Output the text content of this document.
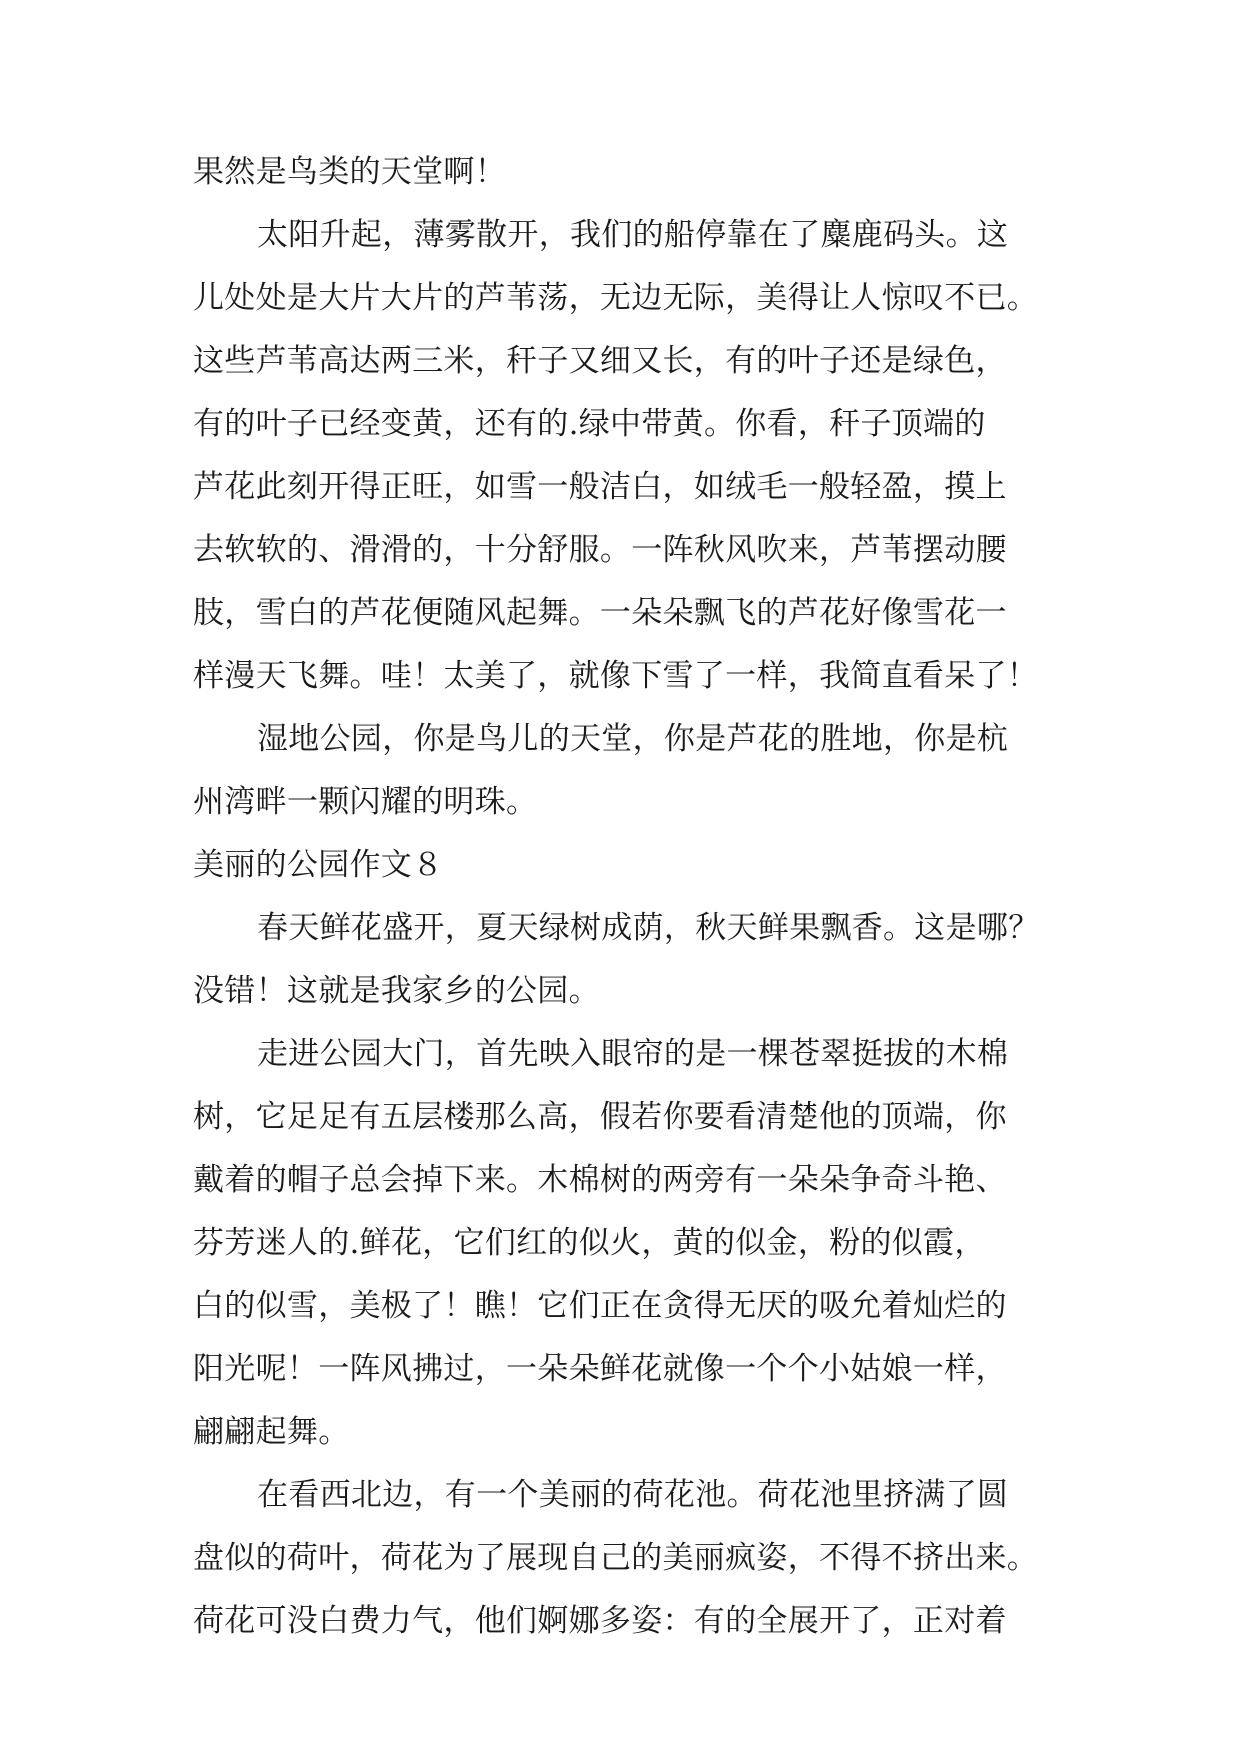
果然是鸟类的天堂啊！
太阳升起，薄雾散开，我们的船停靠在了麋鹿码头。这
儿处处是大片大片的芦苇荡，无边无际，美得让人惊叹不已。
这些芦苇高达两三米，秆子又细又长，有的叶子还是绿色，
有的叶子已经变黄，还有的.绿中带黄。你看，秆子顶端的
芦花此刻开得正旺，如雪一般洁白，如绒毛一般轻盈，摸上
去软软的、滑滑的，十分舒服。一阵秋风吹来，芦苇摆动腰
肢，雪白的芦花便随风起舞。一朵朵飘飞的芦花好像雪花一
样漫天飞舞。哇！太美了，就像下雪了一样，我简直看呆了！
湿地公园，你是鸟儿的天堂，你是芦花的胜地，你是杭
州湾畔一颗闪耀的明珠。
美丽的公园作文８
春天鲜花盛开，夏天绿树成荫，秋天鲜果飘香。这是哪？
没错！这就是我家乡的公园。
走进公园大门，首先映入眼帘的是一棵苍翠挺拔的木棉
树，它足足有五层楼那么高，假若你要看清楚他的顶端，你
戴着的帽子总会掉下来。木棉树的两旁有一朵朵争奇斗艳、
芬芳迷人的.鲜花，它们红的似火，黄的似金，粉的似霞，
白的似雪，美极了！瞧！它们正在贪得无厌的吸允着灿烂的
阳光呢！一阵风拂过，一朵朵鲜花就像一个个小姑娘一样，
翩翩起舞。
在看西北边，有一个美丽的荷花池。荷花池里挤满了圆
盘似的荷叶，荷花为了展现自己的美丽疯姿，不得不挤出来。
荷花可没白费力气，他们婀娜多姿：有的全展开了，正对着
